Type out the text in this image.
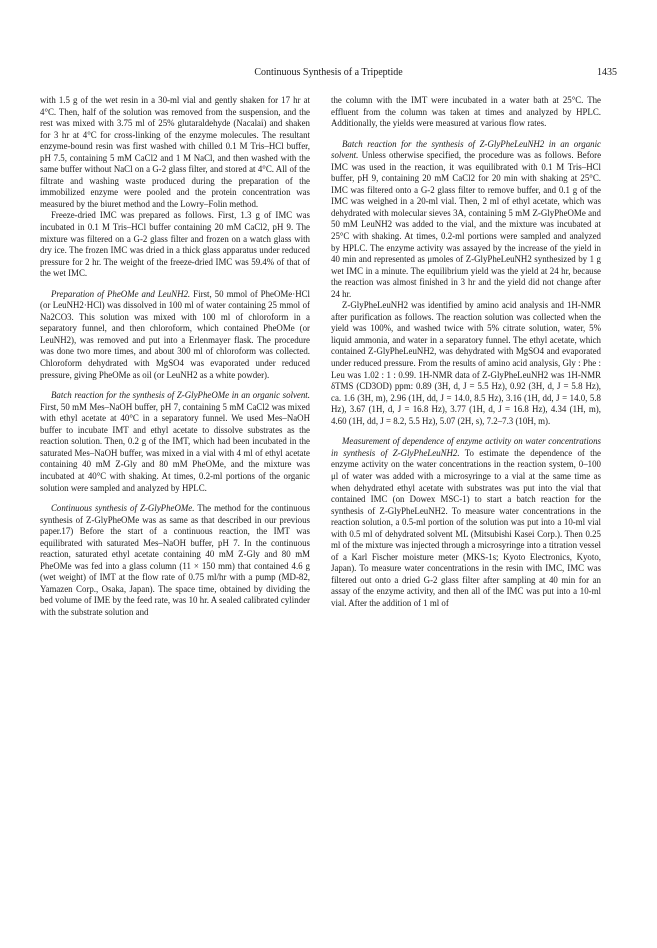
Continuous Synthesis of a Tripeptide	1435

with 1.5 g of the wet resin in a 30-ml vial and gently shaken for 17 hr at 4°C. Then, half of the solution was removed from the suspension, and the rest was mixed with 3.75 ml of 25% glutaraldehyde (Nacalai) and shaken for 3 hr at 4°C for cross-linking of the enzyme molecules. The resultant enzyme-bound resin was first washed with chilled 0.1 M Tris–HCl buffer, pH 7.5, containing 5 mM CaCl2 and 1 M NaCl, and then washed with the same buffer without NaCl on a G-2 glass filter, and stored at 4°C. All of the filtrate and washing waste produced during the preparation of the immobilized enzyme were pooled and the protein concentration was measured by the biuret method and the Lowry–Folin method.

Freeze-dried IMC was prepared as follows. First, 1.3 g of IMC was incubated in 0.1 M Tris–HCl buffer containing 20 mM CaCl2, pH 9. The mixture was filtered on a G-2 glass filter and frozen on a watch glass with dry ice. The frozen IMC was dried in a thick glass apparatus under reduced pressure for 2 hr. The weight of the freeze-dried IMC was 59.4% of that of the wet IMC.

Preparation of PheOMe and LeuNH2. First, 50 mmol of PheOMe·HCl (or LeuNH2·HCl) was dissolved in 100 ml of water containing 25 mmol of Na2CO3. This solution was mixed with 100 ml of chloroform in a separatory funnel, and then chloroform, which contained PheOMe (or LeuNH2), was removed and put into a Erlenmayer flask. The procedure was done two more times, and about 300 ml of chloroform was collected. Chloroform dehydrated with MgSO4 was evaporated under reduced pressure, giving PheOMe as oil (or LeuNH2 as a white powder).

Batch reaction for the synthesis of Z-GlyPheOMe in an organic solvent. First, 50 mM Mes–NaOH buffer, pH 7, containing 5 mM CaCl2 was mixed with ethyl acetate at 40°C in a separatory funnel. We used Mes–NaOH buffer to incubate IMT and ethyl acetate to dissolve substrates as the reaction solution. Then, 0.2 g of the IMT, which had been incubated in the saturated Mes–NaOH buffer, was mixed in a vial with 4 ml of ethyl acetate containing 40 mM Z-Gly and 80 mM PheOMe, and the mixture was incubated at 40°C with shaking. At times, 0.2-ml portions of the organic solution were sampled and analyzed by HPLC.

Continuous synthesis of Z-GlyPheOMe. The method for the continuous synthesis of Z-GlyPheOMe was as same as that described in our previous paper.17) Before the start of a continuous reaction, the IMT was equilibrated with saturated Mes–NaOH buffer, pH 7. In the continuous reaction, saturated ethyl acetate containing 40 mM Z-Gly and 80 mM PheOMe was fed into a glass column (11 × 150 mm) that contained 4.6 g (wet weight) of IMT at the flow rate of 0.75 ml/hr with a pump (MD-82, Yamazen Corp., Osaka, Japan). The space time, obtained by dividing the bed volume of IME by the feed rate, was 10 hr. A sealed calibrated cylinder with the substrate solution and

the column with the IMT were incubated in a water bath at 25°C. The effluent from the column was taken at times and analyzed by HPLC. Additionally, the yields were measured at various flow rates.

Batch reaction for the synthesis of Z-GlyPheLeuNH2 in an organic solvent. Unless otherwise specified, the procedure was as follows. Before IMC was used in the reaction, it was equilibrated with 0.1 M Tris–HCl buffer, pH 9, containing 20 mM CaCl2 for 20 min with shaking at 25°C. IMC was filtered onto a G-2 glass filter to remove buffer, and 0.1 g of the IMC was weighed in a 20-ml vial. Then, 2 ml of ethyl acetate, which was dehydrated with molecular sieves 3A, containing 5 mM Z-GlyPheOMe and 50 mM LeuNH2 was added to the vial, and the mixture was incubated at 25°C with shaking. At times, 0.2-ml portions were sampled and analyzed by HPLC. The enzyme activity was assayed by the increase of the yield in 40 min and represented as μmoles of Z-GlyPheLeuNH2 synthesized by 1 g wet IMC in a minute. The equilibrium yield was the yield at 24 hr, because the reaction was almost finished in 3 hr and the yield did not change after 24 hr.

Z-GlyPheLeuNH2 was identified by amino acid analysis and 1H-NMR after purification as follows. The reaction solution was collected when the yield was 100%, and washed twice with 5% citrate solution, water, 5% liquid ammonia, and water in a separatory funnel. The ethyl acetate, which contained Z-GlyPheLeuNH2, was dehydrated with MgSO4 and evaporated under reduced pressure. From the results of amino acid analysis, Gly : Phe : Leu was 1.02 : 1 : 0.99. 1H-NMR data of Z-GlyPheLeuNH2 was 1H-NMR δTMS (CD3OD) ppm: 0.89 (3H, d, J = 5.5 Hz), 0.92 (3H, d, J = 5.8 Hz), ca. 1.6 (3H, m), 2.96 (1H, dd, J = 14.0, 8.5 Hz), 3.16 (1H, dd, J = 14.0, 5.8 Hz), 3.67 (1H, d, J = 16.8 Hz), 3.77 (1H, d, J = 16.8 Hz), 4.34 (1H, m), 4.60 (1H, dd, J = 8.2, 5.5 Hz), 5.07 (2H, s), 7.2–7.3 (10H, m).

Measurement of dependence of enzyme activity on water concentrations in synthesis of Z-GlyPheLeuNH2. To estimate the dependence of the enzyme activity on the water concentrations in the reaction system, 0–100 μl of water was added with a microsyringe to a vial at the same time as when dehydrated ethyl acetate with substrates was put into the vial that contained IMC (on Dowex MSC-1) to start a batch reaction for the synthesis of Z-GlyPheLeuNH2. To measure water concentrations in the reaction solution, a 0.5-ml portion of the solution was put into a 10-ml vial with 0.5 ml of dehydrated solvent ML (Mitsubishi Kasei Corp.). Then 0.25 ml of the mixture was injected through a microsyringe into a titration vessel of a Karl Fischer moisture meter (MKS-1s; Kyoto Electronics, Kyoto, Japan). To measure water concentrations in the resin with IMC, IMC was filtered out onto a dried G-2 glass filter after sampling at 40 min for an assay of the enzyme activity, and then all of the IMC was put into a 10-ml vial. After the addition of 1 ml of
